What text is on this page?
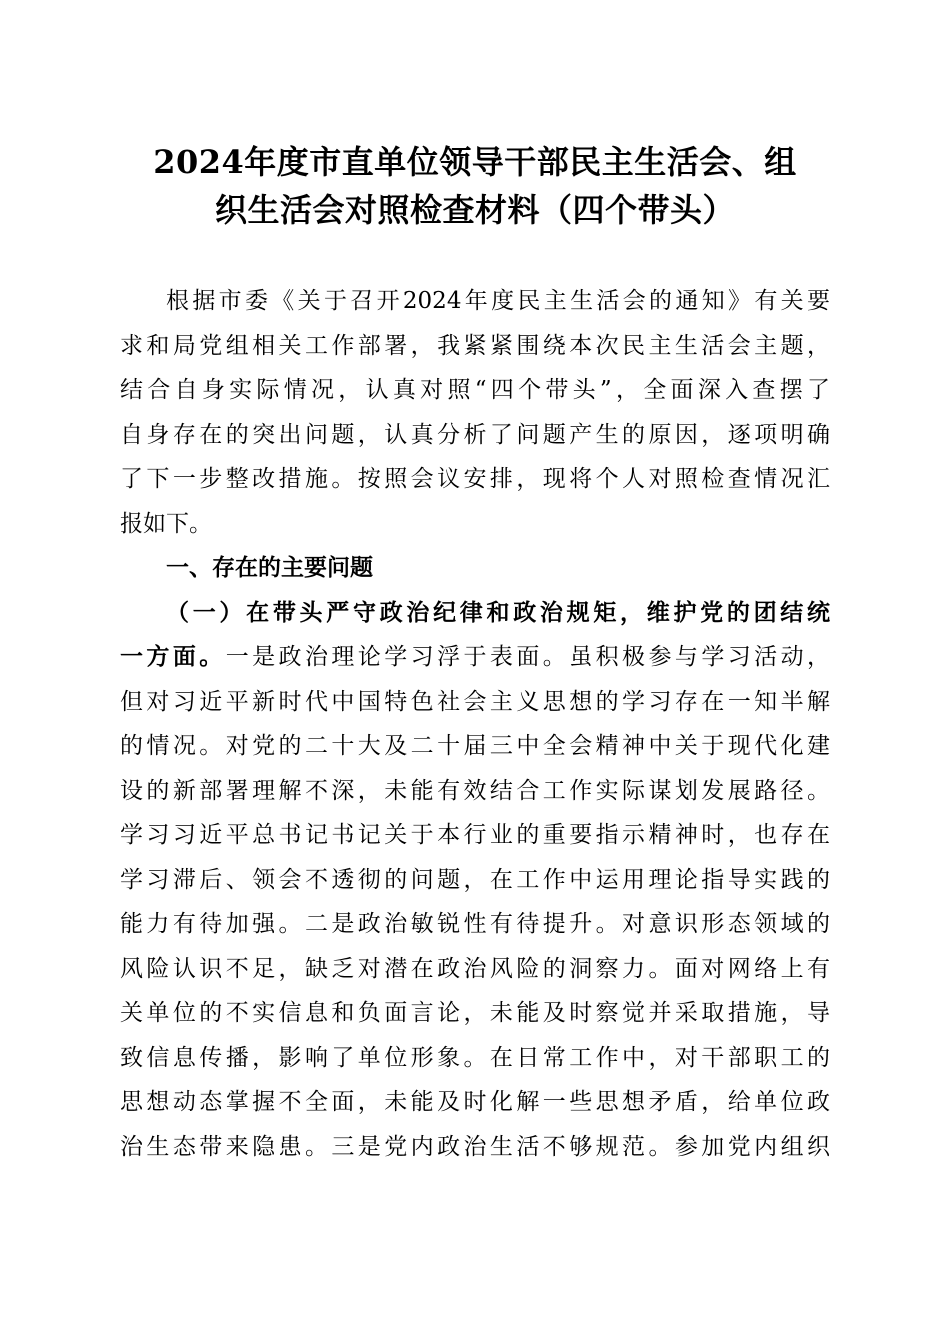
2024年度市直单位领导干部民主生活会、组
织生活会对照检查材料（四个带头）
根据市委《关于召开2024年度民主生活会的通知》有关要
求和局党组相关工作部署，我紧紧围绕本次民主生活会主题，
结合自身实际情况，认真对照“四个带头”，全面深入查摆了
自身存在的突出问题，认真分析了问题产生的原因，逐项明确
了下一步整改措施。按照会议安排，现将个人对照检查情况汇
报如下。
一、存在的主要问题
（一）在带头严守政治纪律和政治规矩，维护党的团结统
一方面。一是政治理论学习浮于表面。虽积极参与学习活动，
但对习近平新时代中国特色社会主义思想的学习存在一知半解
的情况。对党的二十大及二十届三中全会精神中关于现代化建
设的新部署理解不深，未能有效结合工作实际谋划发展路径。
学习习近平总书记书记关于本行业的重要指示精神时，也存在
学习滞后、领会不透彻的问题，在工作中运用理论指导实践的
能力有待加强。二是政治敏锐性有待提升。对意识形态领域的
风险认识不足，缺乏对潜在政治风险的洞察力。面对网络上有
关单位的不实信息和负面言论，未能及时察觉并采取措施，导
致信息传播，影响了单位形象。在日常工作中，对干部职工的
思想动态掌握不全面，未能及时化解一些思想矛盾，给单位政
治生态带来隐患。三是党内政治生活不够规范。参加党内组织
